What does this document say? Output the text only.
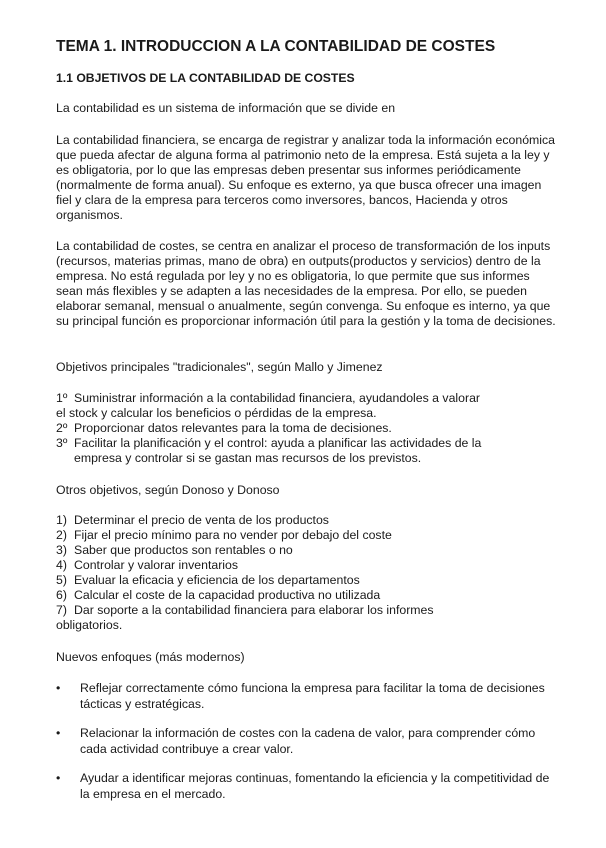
TEMA 1. INTRODUCCION A LA CONTABILIDAD DE COSTES
1.1 OBJETIVOS DE LA CONTABILIDAD DE COSTES
La contabilidad es un sistema de información que se divide en

La contabilidad financiera, se encarga de registrar y analizar toda la información económica que pueda afectar de alguna forma al patrimonio neto de la empresa. Está sujeta a la ley y es obligatoria, por lo que las empresas deben presentar sus informes periódicamente (normalmente de forma anual). Su enfoque es externo, ya que busca ofrecer una imagen fiel y clara de la empresa para terceros como inversores, bancos, Hacienda y otros organismos.

La contabilidad de costes, se centra en analizar el proceso de transformación de los inputs (recursos, materias primas, mano de obra) en outputs(productos y servicios) dentro de la empresa. No está regulada por ley y no es obligatoria, lo que permite que sus informes sean más flexibles y se adapten a las necesidades de la empresa. Por ello, se pueden elaborar semanal, mensual o anualmente, según convenga. Su enfoque es interno, ya que su principal función es proporcionar información útil para la gestión y la toma de decisiones.

Objetivos principales "tradicionales", según Mallo y Jimenez
1º Suministrar información a la contabilidad financiera, ayudandoles a valorar
el stock y calcular los beneficios o pérdidas de la empresa.
2º Proporcionar datos relevantes para la toma de decisiones.
3º Facilitar la planificación y el control: ayuda a planificar las actividades de la
empresa y controlar si se gastan mas recursos de los previstos.
Otros objetivos, según Donoso y Donoso
1) Determinar el precio de venta de los productos
2) Fijar el precio mínimo para no vender por debajo del coste
3) Saber que productos son rentables o no
4) Controlar y valorar inventarios
5) Evaluar la eficacia y eficiencia de los departamentos
6) Calcular el coste de la capacidad productiva no utilizada
7) Dar soporte a la contabilidad financiera para elaborar los informes
obligatorios.
Nuevos enfoques (más modernos)
•	Reflejar correctamente cómo funciona la empresa para facilitar la toma de decisiones tácticas y estratégicas.
•	Relacionar la información de costes con la cadena de valor, para comprender cómo cada actividad contribuye a crear valor.
•	Ayudar a identificar mejoras continuas, fomentando la eficiencia y la competitividad de la empresa en el mercado.
